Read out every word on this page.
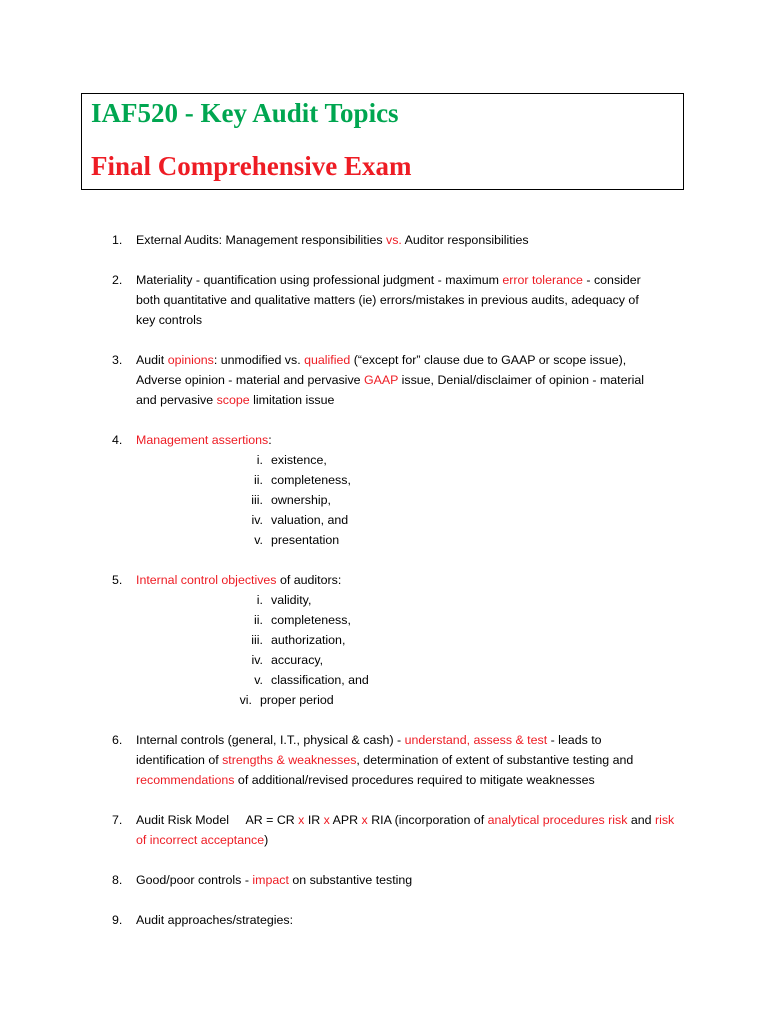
IAF520 - Key Audit Topics
Final Comprehensive Exam
1.	External Audits: Management responsibilities vs. Auditor responsibilities
2.	Materiality - quantification using professional judgment - maximum error tolerance - consider
both quantitative and qualitative matters (ie) errors/mistakes in previous audits, adequacy of
key controls
3.	Audit opinions: unmodified vs. qualified (“except for” clause due to GAAP or scope issue),
Adverse opinion - material and pervasive GAAP issue, Denial/disclaimer of opinion - material
and pervasive scope limitation issue
4.	Management assertions:
i. existence,
ii. completeness,
iii. ownership,
iv. valuation, and
v. presentation
5.	Internal control objectives of auditors:
i. validity,
ii. completeness,
iii. authorization,
iv. accuracy,
v. classification, and
vi. proper period
6.	Internal controls (general, I.T., physical & cash) - understand, assess & test - leads to
identification of strengths & weaknesses, determination of extent of substantive testing and
recommendations of additional/revised procedures required to mitigate weaknesses
7.	Audit Risk Model     AR = CR x IR x APR x RIA (incorporation of analytical procedures risk and risk
of incorrect acceptance)
8.	Good/poor controls - impact on substantive testing
9.	Audit approaches/strategies:
